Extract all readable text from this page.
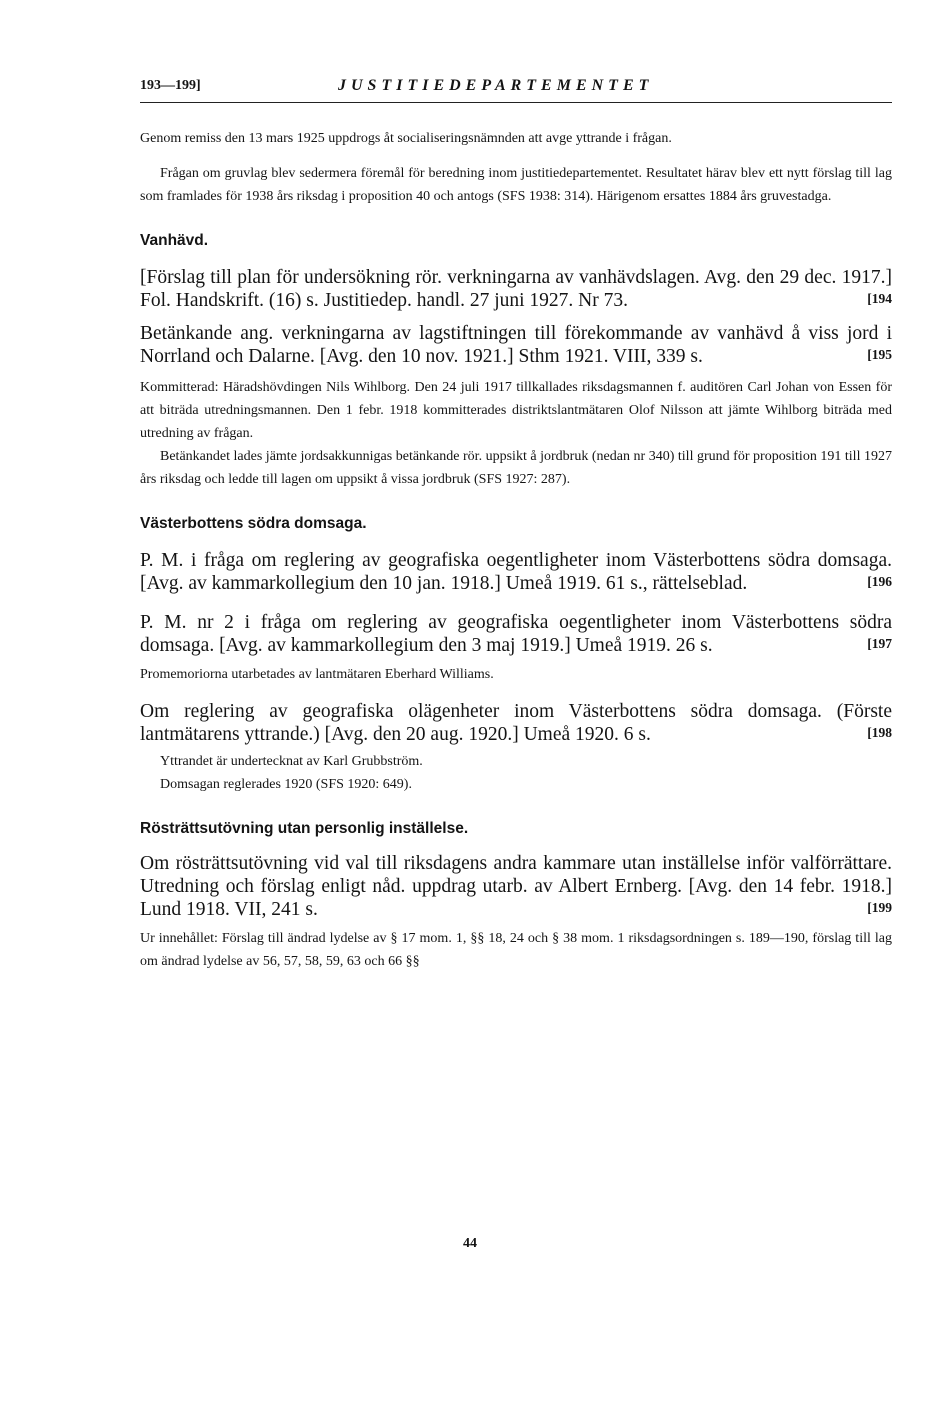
193—199]	JUSTITIEDEPARTEMENTET

Genom remiss den 13 mars 1925 uppdrogs åt socialiseringsnämnden att avge yttrande i frågan.

Frågan om gruvlag blev sedermera föremål för beredning inom justitiedepartementet. Resultatet härav blev ett nytt förslag till lag som framlades för 1938 års riksdag i proposition 40 och antogs (SFS 1938: 314). Härigenom ersattes 1884 års gruvestadga.

Vanhävd.

[Förslag till plan för undersökning rör. verkningarna av vanhävdslagen. Avg. den 29 dec. 1917.] Fol. Handskrift. (16) s. Justitiedep. handl. 27 juni 1927. Nr 73.	[194

Betänkande ang. verkningarna av lagstiftningen till förekommande av vanhävd å viss jord i Norrland och Dalarne. [Avg. den 10 nov. 1921.] Sthm 1921. VIII, 339 s.	[195

Kommitterad: Häradshövdingen Nils Wihlborg. Den 24 juli 1917 tillkallades riksdagsmannen f. auditören Carl Johan von Essen för att biträda utredningsmannen. Den 1 febr. 1918 kommitterades distriktslantmätaren Olof Nilsson att jämte Wihlborg biträda med utredning av frågan.

Betänkandet lades jämte jordsakkunnigas betänkande rör. uppsikt å jordbruk (nedan nr 340) till grund för proposition 191 till 1927 års riksdag och ledde till lagen om uppsikt å vissa jordbruk (SFS 1927: 287).

Västerbottens södra domsaga.

P. M. i fråga om reglering av geografiska oegentligheter inom Västerbottens södra domsaga. [Avg. av kammarkollegium den 10 jan. 1918.] Umeå 1919. 61 s., rättelseblad.	[196

P. M. nr 2 i fråga om reglering av geografiska oegentligheter inom Västerbottens södra domsaga. [Avg. av kammarkollegium den 3 maj 1919.] Umeå 1919. 26 s.	[197

Promemoriorna utarbetades av lantmätaren Eberhard Williams.

Om reglering av geografiska olägenheter inom Västerbottens södra domsaga. (Förste lantmätarens yttrande.) [Avg. den 20 aug. 1920.] Umeå 1920. 6 s.	[198

Yttrandet är undertecknat av Karl Grubbström.

Domsagan reglerades 1920 (SFS 1920: 649).

Rösträttsutövning utan personlig inställelse.

Om rösträttsutövning vid val till riksdagens andra kammare utan inställelse inför valförrättare. Utredning och förslag enligt nåd. uppdrag utarb. av Albert Ernberg. [Avg. den 14 febr. 1918.] Lund 1918. VII, 241 s.	[199

Ur innehållet: Förslag till ändrad lydelse av § 17 mom. 1, §§ 18, 24 och § 38 mom. 1 riksdagsordningen s. 189—190, förslag till lag om ändrad lydelse av 56, 57, 58, 59, 63 och 66 §§

44
